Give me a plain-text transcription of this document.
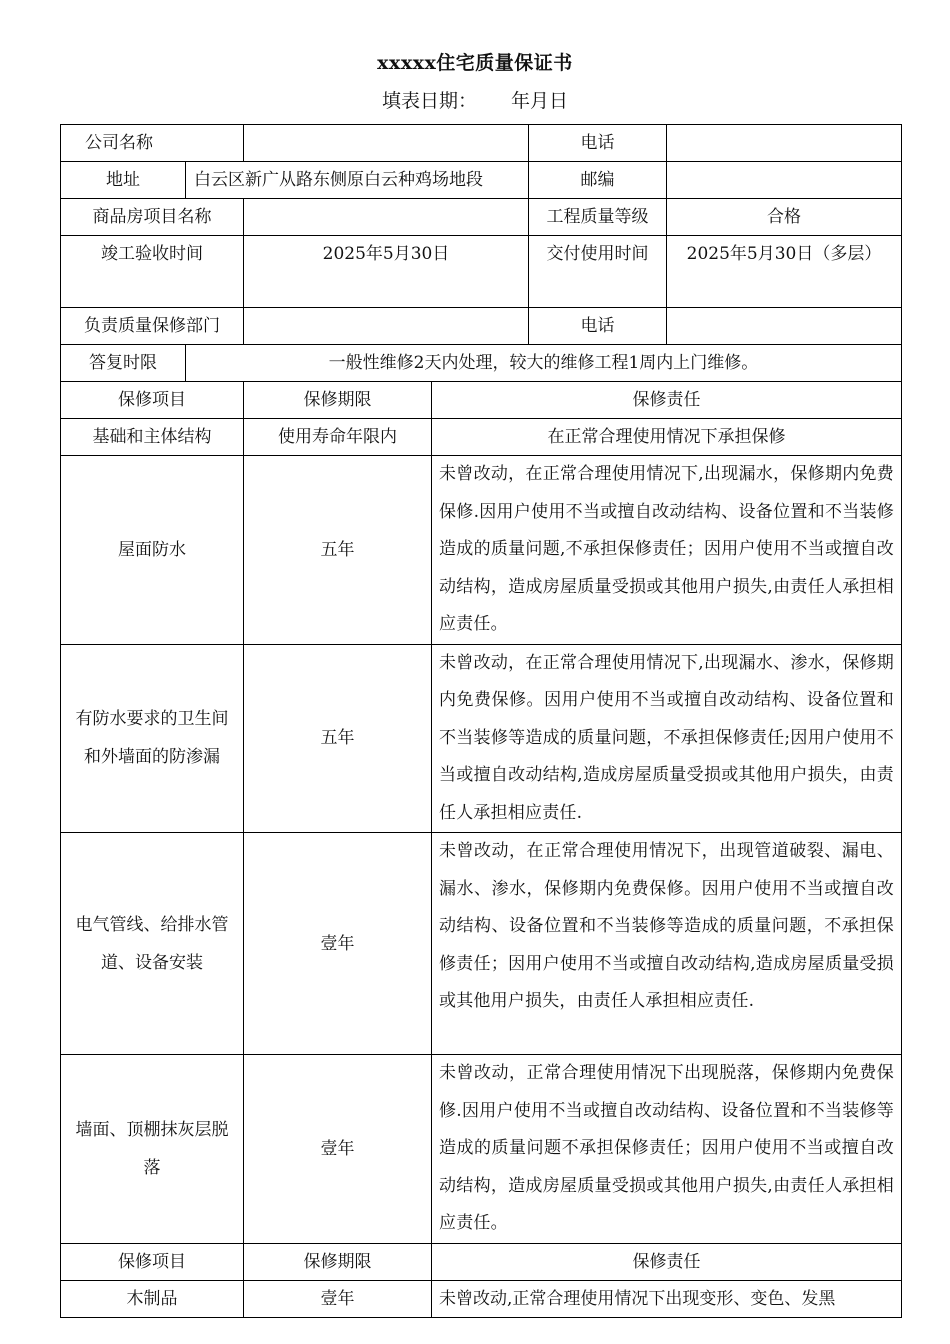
xxxxx住宅质量保证书
填表日期： 年月日
公司名称				电话	
地址	白云区新广从路东侧原白云种鸡场地段			邮编	
商品房项目名称				工程质量等级	合格
竣工验收时间		2025年5月30日		交付使用时间	2025年5月30日（多层）
负责质量保修部门				电话	
答复时限	一般性维修2天内处理，较大的维修工程1周内上门维修。				
保修项目		保修期限	保修责任		
基础和主体结构		使用寿命年限内	在正常合理使用情况下承担保修		
屋面防水		五年	未曾改动，在正常合理使用情况下,出现漏水，保修期内免费保修.因用户使用不当或擅自改动结构、设备位置和不当装修造成的质量问题,不承担保修责任；因用户使用不当或擅自改动结构，造成房屋质量受损或其他用户损失,由责任人承担相应责任。		
有防水要求的卫生间和外墙面的防渗漏		五年	未曾改动，在正常合理使用情况下,出现漏水、渗水，保修期内免费保修。因用户使用不当或擅自改动结构、设备位置和不当装修等造成的质量问题，不承担保修责任;因用户使用不当或擅自改动结构,造成房屋质量受损或其他用户损失，由责任人承担相应责任.		
电气管线、给排水管道、设备安装		壹年	未曾改动，在正常合理使用情况下，出现管道破裂、漏电、漏水、渗水，保修期内免费保修。因用户使用不当或擅自改动结构、设备位置和不当装修等造成的质量问题，不承担保修责任；因用户使用不当或擅自改动结构,造成房屋质量受损或其他用户损失，由责任人承担相应责任.		
墙面、顶棚抹灰层脱落		壹年	未曾改动，正常合理使用情况下出现脱落，保修期内免费保修.因用户使用不当或擅自改动结构、设备位置和不当装修等造成的质量问题不承担保修责任；因用户使用不当或擅自改动结构，造成房屋质量受损或其他用户损失,由责任人承担相应责任。		
保修项目		保修期限	保修责任		
木制品		壹年	未曾改动,正常合理使用情况下出现变形、变色、发黑		
